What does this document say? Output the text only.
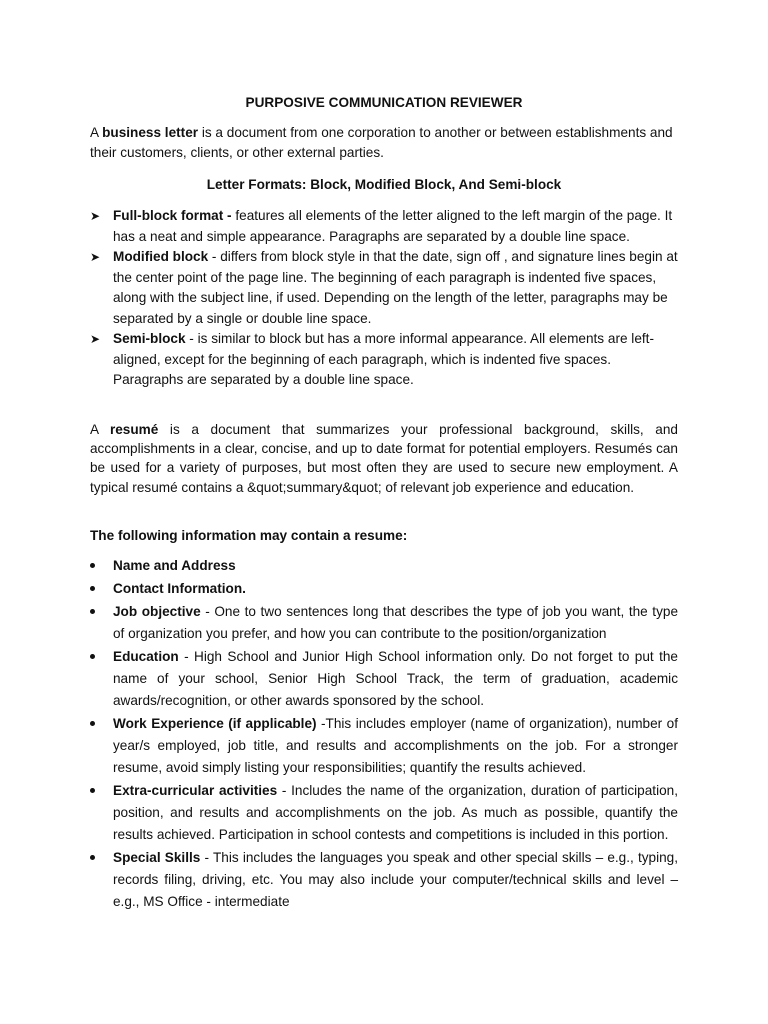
PURPOSIVE COMMUNICATION REVIEWER

A business letter is a document from one corporation to another or between establishments and their customers, clients, or other external parties.

Letter Formats: Block, Modified Block, And Semi-block
➤ Full-block format - features all elements of the letter aligned to the left margin of the page. It has a neat and simple appearance. Paragraphs are separated by a double line space.
➤ Modified block - differs from block style in that the date, sign off , and signature lines begin at the center point of the page line. The beginning of each paragraph is indented five spaces, along with the subject line, if used. Depending on the length of the letter, paragraphs may be separated by a single or double line space.
➤ Semi-block - is similar to block but has a more informal appearance. All elements are left-aligned, except for the beginning of each paragraph, which is indented five spaces. Paragraphs are separated by a double line space.

A resumé is a document that summarizes your professional background, skills, and accomplishments in a clear, concise, and up to date format for potential employers. Resumés can be used for a variety of purposes, but most often they are used to secure new employment. A typical resumé contains a &quot;summary&quot; of relevant job experience and education.

The following information may contain a resume:
Name and Address
Contact Information.
Job objective - One to two sentences long that describes the type of job you want, the type of organization you prefer, and how you can contribute to the position/organization
Education - High School and Junior High School information only. Do not forget to put the name of your school, Senior High School Track, the term of graduation, academic awards/recognition, or other awards sponsored by the school.
Work Experience (if applicable) -This includes employer (name of organization), number of year/s employed, job title, and results and accomplishments on the job. For a stronger resume, avoid simply listing your responsibilities; quantify the results achieved.
Extra-curricular activities - Includes the name of the organization, duration of participation, position, and results and accomplishments on the job. As much as possible, quantify the results achieved. Participation in school contests and competitions is included in this portion.
Special Skills - This includes the languages you speak and other special skills – e.g., typing, records filing, driving, etc. You may also include your computer/technical skills and level – e.g., MS Office - intermediate
